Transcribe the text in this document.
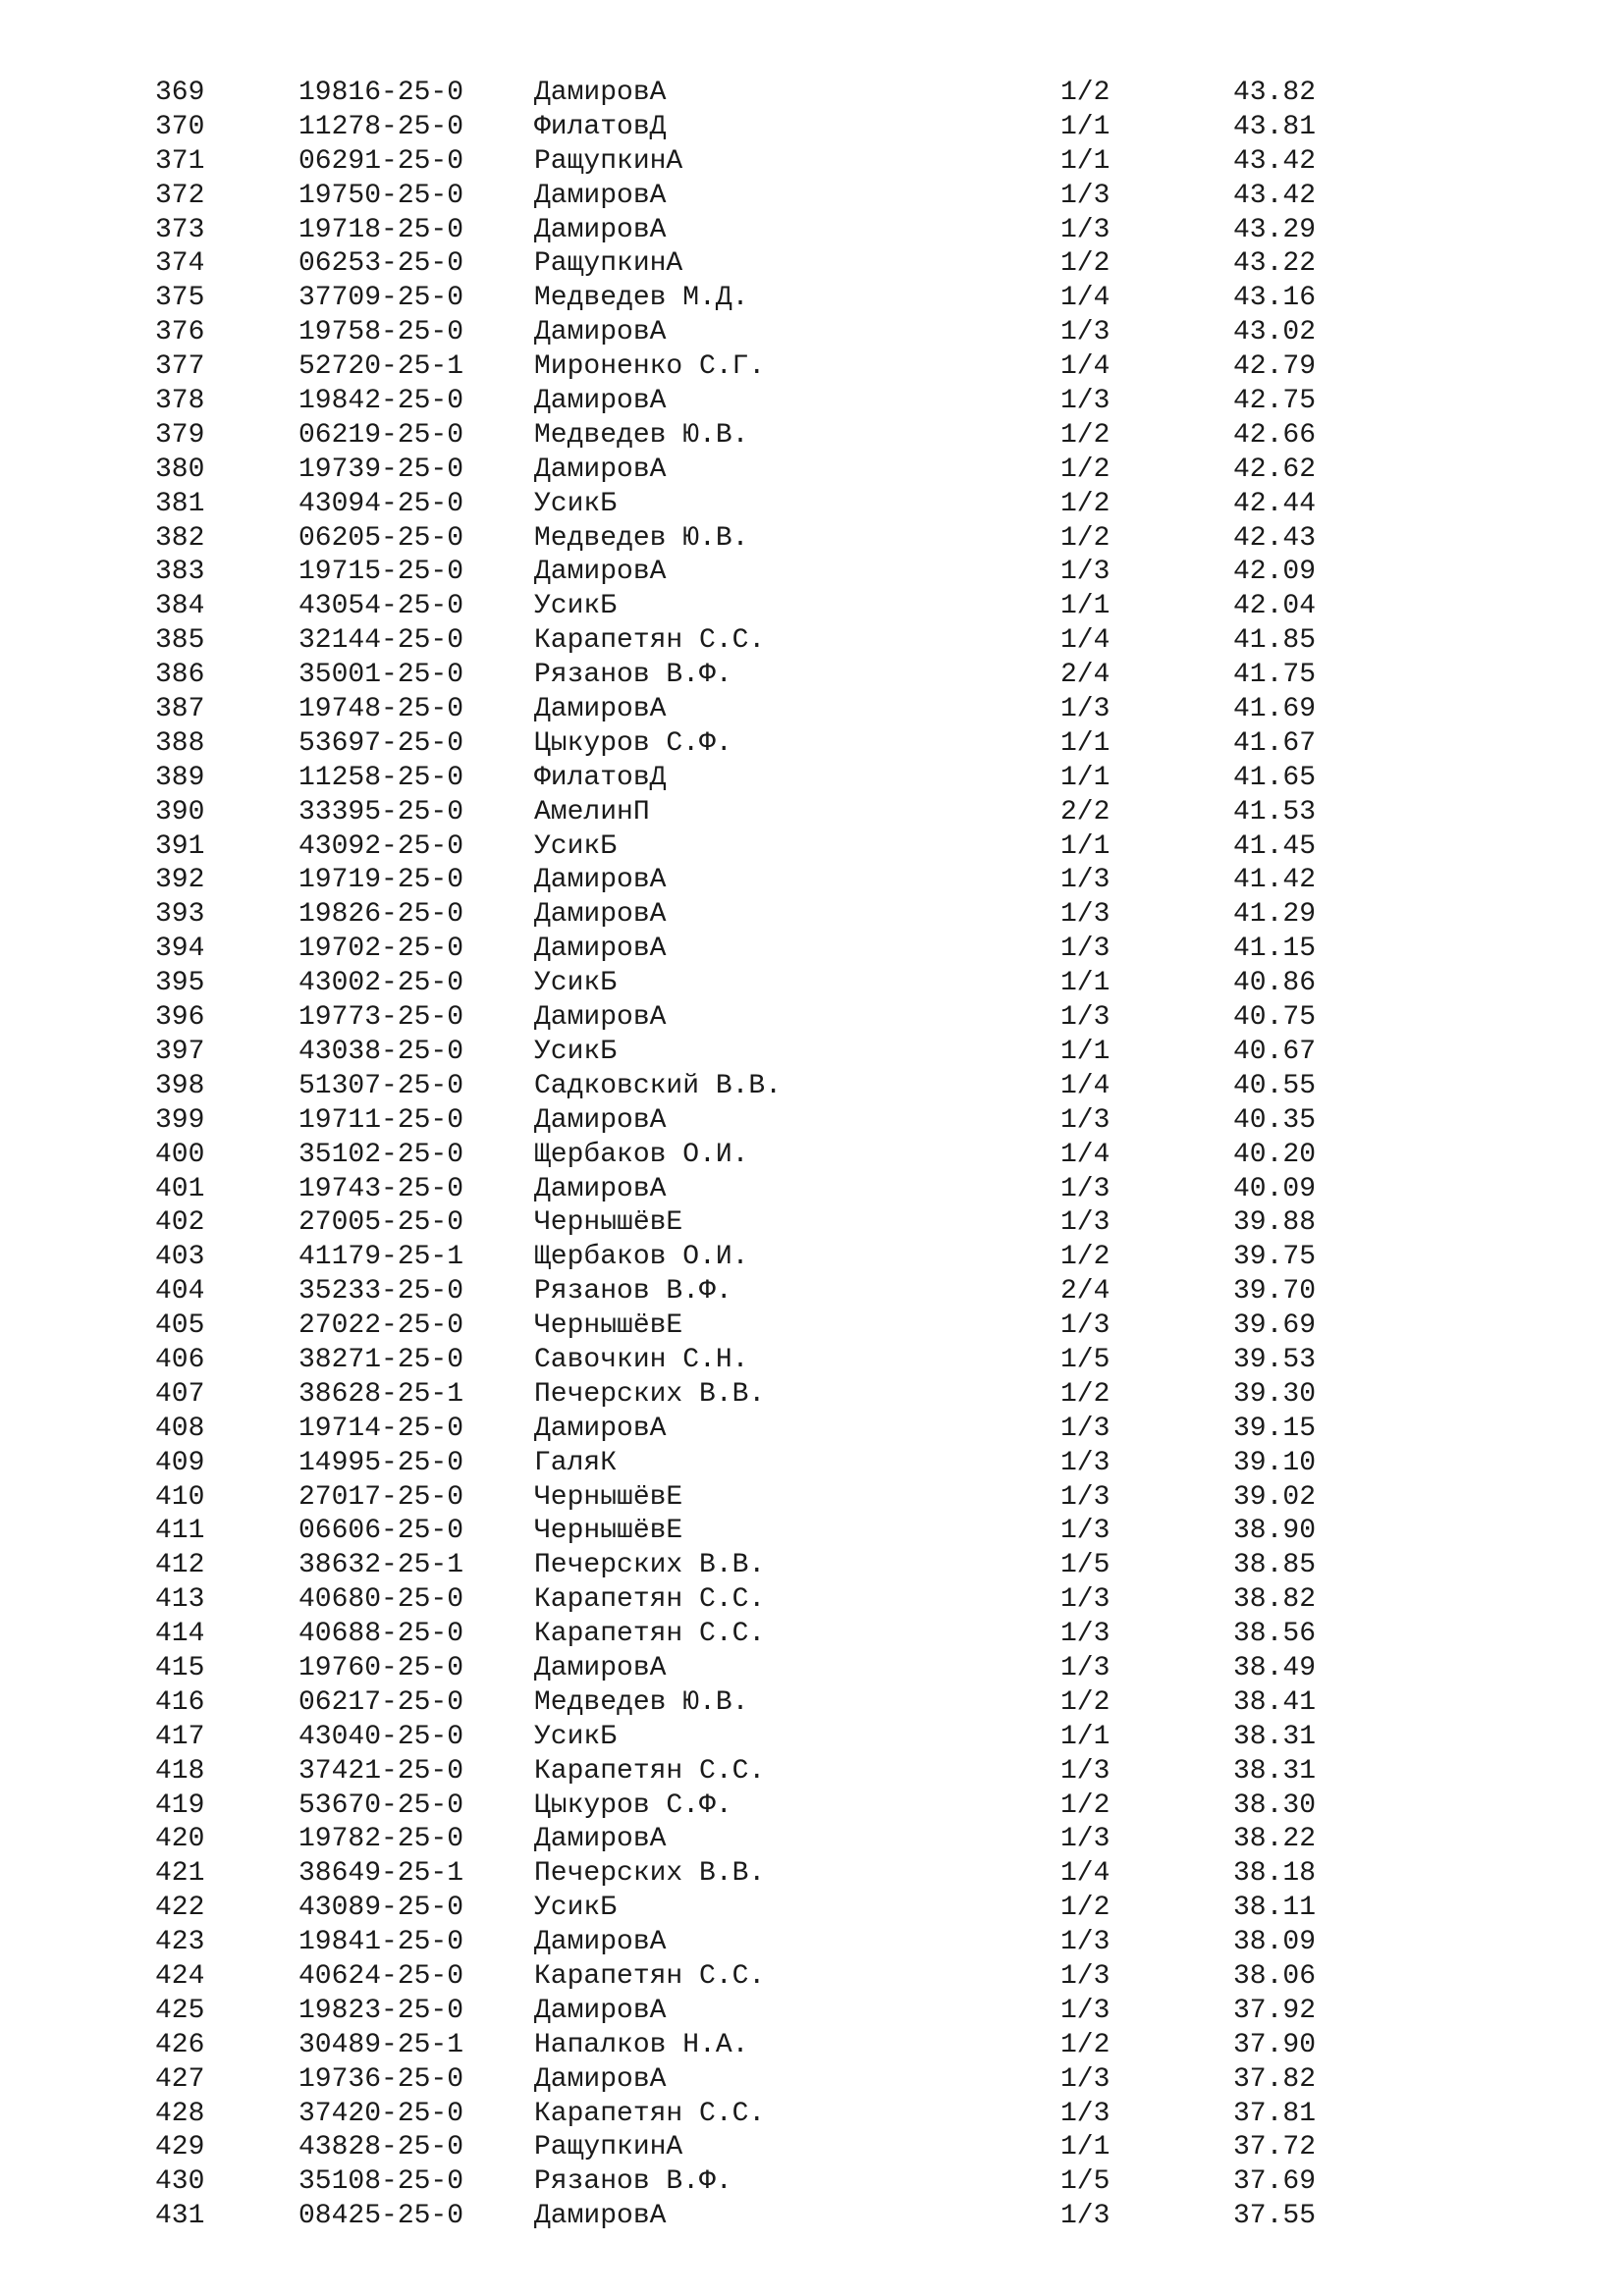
369	19816-25-0	ДамировА	1/2	43.82
370	11278-25-0	ФилатовД	1/1	43.81
371	06291-25-0	РащупкинА	1/1	43.42
372	19750-25-0	ДамировА	1/3	43.42
373	19718-25-0	ДамировА	1/3	43.29
374	06253-25-0	РащупкинА	1/2	43.22
375	37709-25-0	Медведев М.Д.	1/4	43.16
376	19758-25-0	ДамировА	1/3	43.02
377	52720-25-1	Мироненко С.Г.	1/4	42.79
378	19842-25-0	ДамировА	1/3	42.75
379	06219-25-0	Медведев Ю.В.	1/2	42.66
380	19739-25-0	ДамировА	1/2	42.62
381	43094-25-0	УсикБ	1/2	42.44
382	06205-25-0	Медведев Ю.В.	1/2	42.43
383	19715-25-0	ДамировА	1/3	42.09
384	43054-25-0	УсикБ	1/1	42.04
385	32144-25-0	Карапетян С.С.	1/4	41.85
386	35001-25-0	Рязанов В.Ф.	2/4	41.75
387	19748-25-0	ДамировА	1/3	41.69
388	53697-25-0	Цыкуров С.Ф.	1/1	41.67
389	11258-25-0	ФилатовД	1/1	41.65
390	33395-25-0	АмелинП	2/2	41.53
391	43092-25-0	УсикБ	1/1	41.45
392	19719-25-0	ДамировА	1/3	41.42
393	19826-25-0	ДамировА	1/3	41.29
394	19702-25-0	ДамировА	1/3	41.15
395	43002-25-0	УсикБ	1/1	40.86
396	19773-25-0	ДамировА	1/3	40.75
397	43038-25-0	УсикБ	1/1	40.67
398	51307-25-0	Садковский В.В.	1/4	40.55
399	19711-25-0	ДамировА	1/3	40.35
400	35102-25-0	Щербаков О.И.	1/4	40.20
401	19743-25-0	ДамировА	1/3	40.09
402	27005-25-0	ЧернышёвЕ	1/3	39.88
403	41179-25-1	Щербаков О.И.	1/2	39.75
404	35233-25-0	Рязанов В.Ф.	2/4	39.70
405	27022-25-0	ЧернышёвЕ	1/3	39.69
406	38271-25-0	Савочкин С.Н.	1/5	39.53
407	38628-25-1	Печерских В.В.	1/2	39.30
408	19714-25-0	ДамировА	1/3	39.15
409	14995-25-0	ГаляК	1/3	39.10
410	27017-25-0	ЧернышёвЕ	1/3	39.02
411	06606-25-0	ЧернышёвЕ	1/3	38.90
412	38632-25-1	Печерских В.В.	1/5	38.85
413	40680-25-0	Карапетян С.С.	1/3	38.82
414	40688-25-0	Карапетян С.С.	1/3	38.56
415	19760-25-0	ДамировА	1/3	38.49
416	06217-25-0	Медведев Ю.В.	1/2	38.41
417	43040-25-0	УсикБ	1/1	38.31
418	37421-25-0	Карапетян С.С.	1/3	38.31
419	53670-25-0	Цыкуров С.Ф.	1/2	38.30
420	19782-25-0	ДамировА	1/3	38.22
421	38649-25-1	Печерских В.В.	1/4	38.18
422	43089-25-0	УсикБ	1/2	38.11
423	19841-25-0	ДамировА	1/3	38.09
424	40624-25-0	Карапетян С.С.	1/3	38.06
425	19823-25-0	ДамировА	1/3	37.92
426	30489-25-1	Напалков Н.А.	1/2	37.90
427	19736-25-0	ДамировА	1/3	37.82
428	37420-25-0	Карапетян С.С.	1/3	37.81
429	43828-25-0	РащупкинА	1/1	37.72
430	35108-25-0	Рязанов В.Ф.	1/5	37.69
431	08425-25-0	ДамировА	1/3	37.55
